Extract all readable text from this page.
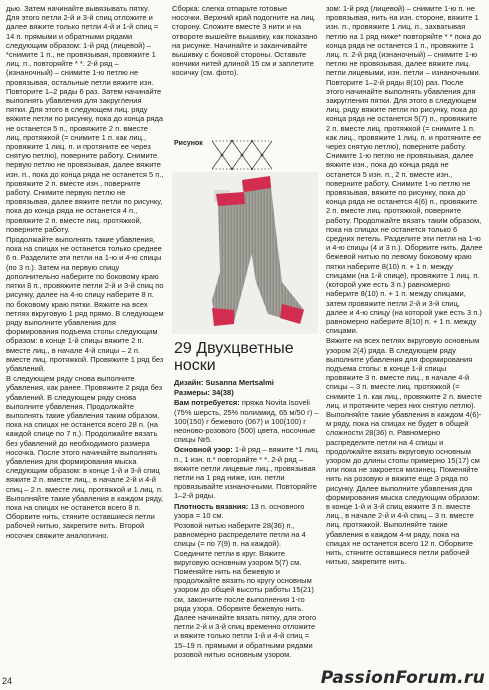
дью. Затем начинайте вывязывать пятку. Для этого петли 2-й и 3-й спиц отложите и далее вяжите только петли 4-й и 1-й спиц = 14 п. прямыми и обратными рядами следующим образом: 1-й ряд (лицевой) – *снимите 1 п., не провязывая, провяжите 1 лиц. п., повторяйте * *. 2-й ряд – (изнаночный) – снимите 1-ю петлю не провязывая, остальные петли вяжите изн. Повторите 1–2 ряды 6 раз. Затем начинайте выполнять убавления для закругления пятки. Для этого в следующем лиц. ряду вяжите петли по рисунку, пока до конца ряда не останется 5 п., провяжите 2 п. вместе лиц. протяжкой (= снимите 1 п. как лиц., провяжите 1 лиц. п. и протяните ее через снятую петлю), поверните работу. Снимите первую петлю не провязывая, далее вяжите изн. п., пока до конца ряда не останется 5 п., провяжите 2 п. вместе изн., поверните работу. Снимите первую петлю не провязывая, далее вяжите петли по рисунку, пока до конца ряда не останется 4 п., провяжите 2 п. вместе лиц. протяжкой, поверните работу.

Продолжайте выполнять такие убавления, пока на спицах не останется только среднее 6 п. Разделите эти петли на 1-ю и 4-ю спицы (по 3 п.). Затем на первую спицу дополнительно наберите по боковому краю пятки 8 п., провяжите петли 2-й и 3-й спиц по рисунку, далее на 4-ю спицу наберите 8 п. по боковому краю пятки. Вяжите на всех петлях вкруговую 1 ряд прямо. В следующем ряду выполните убавления для формирования подъема стопы следующим образом: в конце 1-й спицы вяжите 2 п. вместе лиц., в начале 4-й спицы – 2 п. вместе лиц. протяжкой. Провяжите 1 ряд без убавлений.

В следующем ряду снова выполните убавления, как ранее. Провяжите 2 ряда без убавлений. В следующем ряду снова выполните убавления. Продолжайте выполнять такие убавления таким образом, пока на спицах не останется всего 28 п. (на каждой спице по 7 п.). Продолжайте вязать без убавлений до необходимого размера носочка. После этого начинайте выполнять убавления для формирования мыска следующим образом: в конце 1-й и 3-й спиц вяжите 2 п. вместе лиц., в начале 2-й и 4-й спиц – 2 п. вместе лиц. протяжкой и 1 лиц. п. Выполняйте такие убавления в каждом ряду, пока на спицах не останется всего 8 п. Оборвите нить, стяните оставшиеся петли рабочей нитью, закрепите нить. Второй носочек свяжите аналогично.

Сборка: слегка отпарьте готовые носочки. Верхний край подогните на лиц. сторону. Сложите вместе 3 нити и на отвороте вышейте вышивку, как показано на рисунке. Начинайте и заканчивайте вышивку с боковой стороны. Оставьте кончики нитей длиной 15 см и заплетите косичку (см. фото).

Рисунок
29 Двухцветные носки

Дизайн: Susanna Mertsalmi

Размеры: 34(38)

Вам потребуется: пряжа Novita Isoveli (75% шерсть, 25% полиамид, 65 м/50 г) – 100(150) г бежевого (067) и 100(100) г неоново-розового (500) цвета, носочные спицы №5.

Основной узор: 1-й ряд – вяжите *1 лиц. п., 1 изн. п.* повторяйте * *. 2-й ряд – вяжите петли лицевые лиц., провязывая петли на 1 ряд ниже, изн. петли провязывайте изнаночными. Повторяйте 1–2-й ряды.

Плотность вязания: 13 п. основного узора = 10 см.

Розовой нитью наберите 28(36) п., равномерно распределите петли на 4 спицы (= по 7(9) п. на каждой). Соедините петли в круг. Вяжите вкруговую основным узором 5(7) см. Поменяйте нить на бежевую и продолжайте вязать по кругу основным узором до общей высоты работы 15(21) см, закончите после выполнения 1-го ряда узора. Оборвите бежевую нить. Далее начинайте вязать пятку, для этого петли 2-й и 3-й спиц временно отложите и вяжите только петли 1-й и 4-й спиц = 15–19 п. прямыми и обратными рядами розовой нитью основным узором.

зом: 1-й ряд (лицевой) – снимите 1-ю п. не провязывая, нить на изн. стороне, вяжите 1 изн. п., провяжите 1 лиц. п., захватывая петлю на 1 ряд ниже* повторяйте * * пока до конца ряда не останется 1 п., провяжите 1 лиц. п. 2-й ряд (изнаночный) – снимите 1-ю петлю не провязывая, далее вяжите лиц. петли лицевыми, изн. петли – изнаночными. Повторите 1–2-й ряды 8(10) раз. После этого начинайте выполнять убавления для закругления пятки. Для этого в следующем лиц. ряду вяжите петли по рисунку, пока до конца ряда не останется 5(7) п., провяжите 2 п. вместе лиц. протяжкой (= снимите 1 п. как лиц., провяжите 1 лиц. п. и протяните ее через снятую петлю), поверните работу. Снимите 1-ю петлю не провязывая, далее вяжите изн., пока до конца ряда не останется 5 изн. п., 2 п. вместе изн., поверните работу. Снимите 1-ю петлю не провязывая, вяжите по рисунку, пока до конца ряда не останется 4(6) п., провяжите 2 п. вместе лиц. протяжкой, поверните работу. Продолжайте вязать таким образом, пока на спицах не останется только 6 средних петель. Разделите эти петли на 1-ю и 4-ю спицы (4 и 3 п.). Оборвите нить. Далее бежевой нитью по левому боковому краю пятки наберите 8(10) п. + 1 п. между спицами (на 1-й спице), провяжите 1 лиц. п. (которой уже есть 3 п.) равномерно наберите 8(10) п. + 1 п. между спицами, затем провяжите петли 2-й и 3-й спиц, далее и 4-ю спицу (на которой уже есть 3 п.) равномерно наберите 8(10) п. + 1 п. между спицами.

Вяжите на всех петлях вкруговую основным узором 2(4) ряда. В следующем ряду выполните убавления для формирования подъема стопы: в конце 1-й спицы провяжите 3 п. вместе лиц., в начале 4-й спицы – 3 п. вместе лиц. протяжкой (= снимите 1 п. как лиц., провяжите 2 п. вместе лиц. и протяните через них снятую петлю). Выполняйте такие убавления в каждом 4(6)-м ряду, пока на спицах не будет в общей сложности 28(36) п. Равномерно распределите петли на 4 спицы и продолжайте вязать вкруговую основным узором до длины стопы примерно 15(17) см или пока не закроется мизинец. Поменяйте нить на розовую и вяжите еще 3 ряда по рисунку. Далее выполните убавления для формирования мыска следующим образом: в конце 1-й и 3-й спиц вяжите 3 п. вместе лиц., в начале 2-й и 4-й спиц – 3 п. вместе лиц. протяжкой. Выполняйте такие убавления в каждом 4-м ряду, пока на спицах не останется всего 12 п. Оборвите нить, стяните оставшиеся петли рабочей нитью, закрепите нить.

24	PassionForum.ru
